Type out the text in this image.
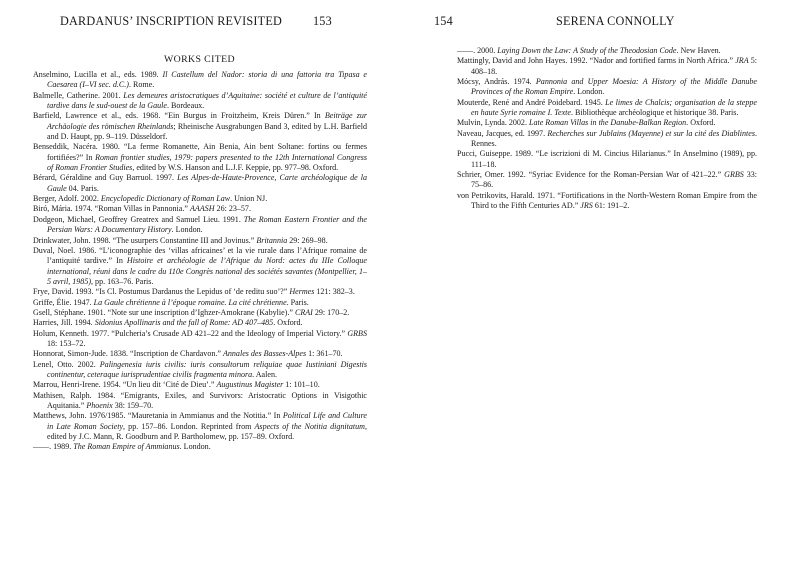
DARDANUS’ INSCRIPTION REVISITED	153
WORKS CITED
Anselmino, Lucilla et al., eds. 1989. Il Castellum del Nador: storia di una fattoria tra Tipasa e Caesarea (I–VI sec. d.C.). Rome.
Balmelle, Catherine. 2001. Les demeures aristocratiques d’Aquitaine: société et culture de l’antiquité tardive dans le sud-ouest de la Gaule. Bordeaux.
Barfield, Lawrence et al., eds. 1968. “Ein Burgus in Froitzheim, Kreis Düren.” In Beiträge zur Archäologie des römischen Rheinlands; Rheinische Ausgrabungen Band 3, edited by L.H. Barfield and D. Haupt, pp. 9–119. Düsseldorf.
Benseddik, Nacéra. 1980. “La ferme Romanette, Ain Benia, Ain bent Soltane: fortins ou fermes fortifiées?” In Roman frontier studies, 1979: papers presented to the 12th International Congress of Roman Frontier Studies, edited by W.S. Hanson and L.J.F. Keppie, pp. 977–98. Oxford.
Bérard, Géraldine and Guy Barruol. 1997. Les Alpes-de-Haute-Provence, Carte archéologique de la Gaule 04. Paris.
Berger, Adolf. 2002. Encyclopedic Dictionary of Roman Law. Union NJ.
Biró, Mária. 1974. “Roman Villas in Pannonia.” AAASH 26: 23–57.
Dodgeon, Michael, Geoffrey Greatrex and Samuel Lieu. 1991. The Roman Eastern Frontier and the Persian Wars: A Documentary History. London.
Drinkwater, John. 1998. “The usurpers Constantine III and Jovinus.” Britannia 29: 269–98.
Duval, Noel. 1986. “L’iconographie des ‘villas africaines’ et la vie rurale dans l’Afrique romaine de l’antiquité tardive.” In Histoire et archéologie de l’Afrique du Nord: actes du IIIe Colloque international, réuni dans le cadre du 110e Congrès national des sociétés savantes (Montpellier, 1–5 avril, 1985), pp. 163–76. Paris.
Frye, David. 1993. “Is Cl. Postumus Dardanus the Lepidus of ‘de reditu suo’?” Hermes 121: 382–3.
Griffe, Élie. 1947. La Gaule chrétienne à l’époque romaine. La cité chrétienne. Paris.
Gsell, Stéphane. 1901. “Note sur une inscription d’Ighzer-Amokrane (Kabylie).” CRAI 29: 170–2.
Harries, Jill. 1994. Sidonius Apollinaris and the fall of Rome: AD 407–485. Oxford.
Holum, Kenneth. 1977. “Pulcheria’s Crusade AD 421–22 and the Ideology of Imperial Victory.” GRBS 18: 153–72.
Honnorat, Simon-Jude. 1838. “Inscription de Chardavon.” Annales des Basses-Alpes 1: 361–70.
Lenel, Otto. 2002. Palingenesia iuris civilis: iuris consultorum reliquiae quae Iustiniani Digestis continentur, ceteraque iurisprudentiae civilis fragmenta minora. Aalen.
Marrou, Henri-Irene. 1954. “Un lieu dit ‘Cité de Dieu’.” Augustinus Magister 1: 101–10.
Mathisen, Ralph. 1984. “Emigrants, Exiles, and Survivors: Aristocratic Options in Visigothic Aquitania.” Phoenix 38: 159–70.
Matthews, John. 1976/1985. “Mauretania in Ammianus and the Notitia.” In Political Life and Culture in Late Roman Society, pp. 157–86. London. Reprinted from Aspects of the Notitia dignitatum, edited by J.C. Mann, R. Goodburn and P. Bartholomew, pp. 157–89. Oxford.
——. 1989. The Roman Empire of Ammianus. London.
154	SERENA CONNOLLY
——. 2000. Laying Down the Law: A Study of the Theodosian Code. New Haven.
Mattingly, David and John Hayes. 1992. “Nador and fortified farms in North Africa.” JRA 5: 408–18.
Mócsy, András. 1974. Pannonia and Upper Moesia: A History of the Middle Danube Provinces of the Roman Empire. London.
Mouterde, René and André Poidebard. 1945. Le limes de Chalcis; organisation de la steppe en haute Syrie romaine I. Texte. Bibliothèque archéologique et historique 38. Paris.
Mulvin, Lynda. 2002. Late Roman Villas in the Danube-Balkan Region. Oxford.
Naveau, Jacques, ed. 1997. Recherches sur Jublains (Mayenne) et sur la cité des Diablintes. Rennes.
Pucci, Guiseppe. 1989. “Le iscrizioni di M. Cincius Hilarianus.” In Anselmino (1989), pp. 111–18.
Schrier, Omer. 1992. “Syriac Evidence for the Roman-Persian War of 421–22.” GRBS 33: 75–86.
von Petrikovits, Harald. 1971. “Fortifications in the North-Western Roman Empire from the Third to the Fifth Centuries AD.” JRS 61: 191–2.
